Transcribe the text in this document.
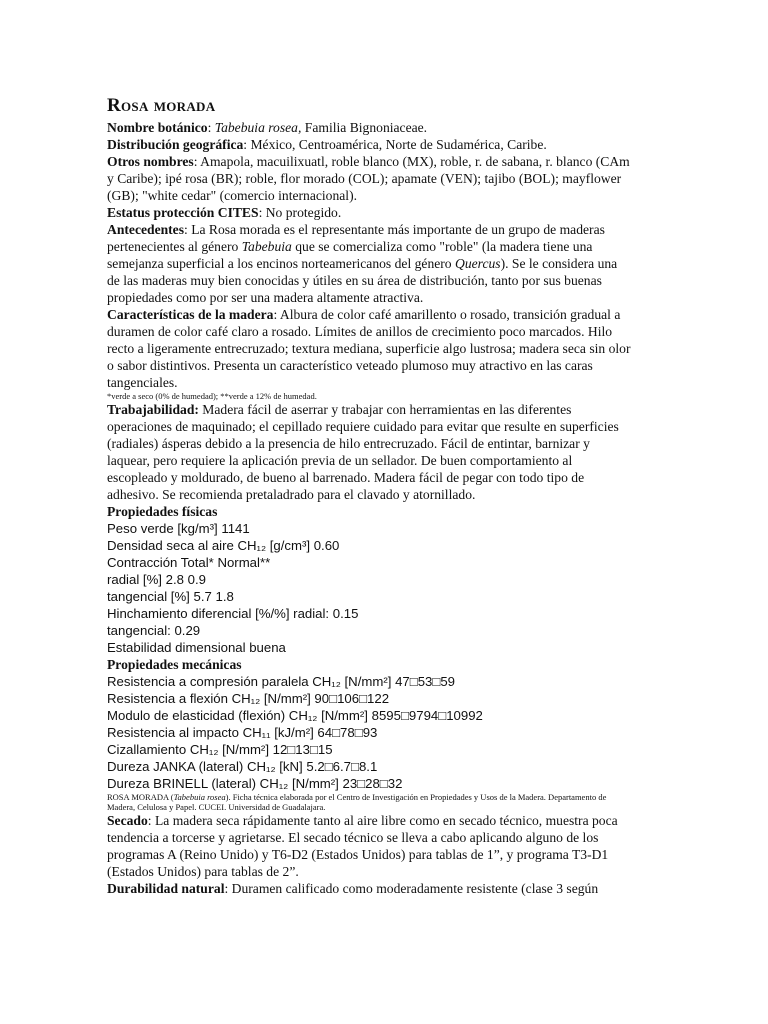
Rosa morada

Nombre botánico: Tabebuia rosea, Familia Bignoniaceae.

Distribución geográfica: México, Centroamérica, Norte de Sudamérica, Caribe.

Otros nombres: Amapola, macuilixuatl, roble blanco (MX), roble, r. de sabana, r. blanco (CAm y Caribe); ipé rosa (BR); roble, flor morado (COL); apamate (VEN); tajibo (BOL); mayflower (GB); "white cedar" (comercio internacional).

Estatus protección CITES: No protegido.

Antecedentes: La Rosa morada es el representante más importante de un grupo de maderas pertenecientes al género Tabebuia que se comercializa como "roble" (la madera tiene una semejanza superficial a los encinos norteamericanos del género Quercus). Se le considera una de las maderas muy bien conocidas y útiles en su área de distribución, tanto por sus buenas propiedades como por ser una madera altamente atractiva.

Características de la madera: Albura de color café amarillento o rosado, transición gradual a duramen de color café claro a rosado. Límites de anillos de crecimiento poco marcados. Hilo recto a ligeramente entrecruzado; textura mediana, superficie algo lustrosa; madera seca sin olor o sabor distintivos. Presenta un característico veteado plumoso muy atractivo en las caras tangenciales.

*verde a seco (0% de humedad); **verde a 12% de humedad.

Trabajabilidad: Madera fácil de aserrar y trabajar con herramientas en las diferentes operaciones de maquinado; el cepillado requiere cuidado para evitar que resulte en superficies (radiales) ásperas debido a la presencia de hilo entrecruzado. Fácil de entintar, barnizar y laquear, pero requiere la aplicación previa de un sellador. De buen comportamiento al escopleado y moldurado, de bueno al barrenado. Madera fácil de pegar con todo tipo de adhesivo. Se recomienda pretaladrado para el clavado y atornillado.

Propiedades físicas

Peso verde [kg/m³] 1141

Densidad seca al aire CH₁₂ [g/cm³] 0.60

Contracción Total* Normal**

radial [%] 2.8 0.9

tangencial [%] 5.7 1.8

Hinchamiento diferencial [%/%] radial: 0.15

tangencial: 0.29

Estabilidad dimensional buena

Propiedades mecánicas

Resistencia a compresión paralela CH₁₂ [N/mm²] 47□53□59

Resistencia a flexión CH₁₂ [N/mm²] 90□106□122

Modulo de elasticidad (flexión) CH₁₂ [N/mm²] 8595□9794□10992

Resistencia al impacto CH₁₁ [kJ/m²] 64□78□93

Cizallamiento CH₁₂ [N/mm²] 12□13□15

Dureza JANKA (lateral) CH₁₂ [kN] 5.2□6.7□8.1

Dureza BRINELL (lateral) CH₁₂ [N/mm²] 23□28□32

ROSA MORADA (Tabebuia rosea). Ficha técnica elaborada por el Centro de Investigación en Propiedades y Usos de la Madera. Departamento de Madera, Celulosa y Papel. CUCEI. Universidad de Guadalajara.

Secado: La madera seca rápidamente tanto al aire libre como en secado técnico, muestra poca tendencia a torcerse y agrietarse. El secado técnico se lleva a cabo aplicando alguno de los programas A (Reino Unido) y T6-D2 (Estados Unidos) para tablas de 1”, y programa T3-D1 (Estados Unidos) para tablas de 2”.

Durabilidad natural: Duramen calificado como moderadamente resistente (clase 3 según
